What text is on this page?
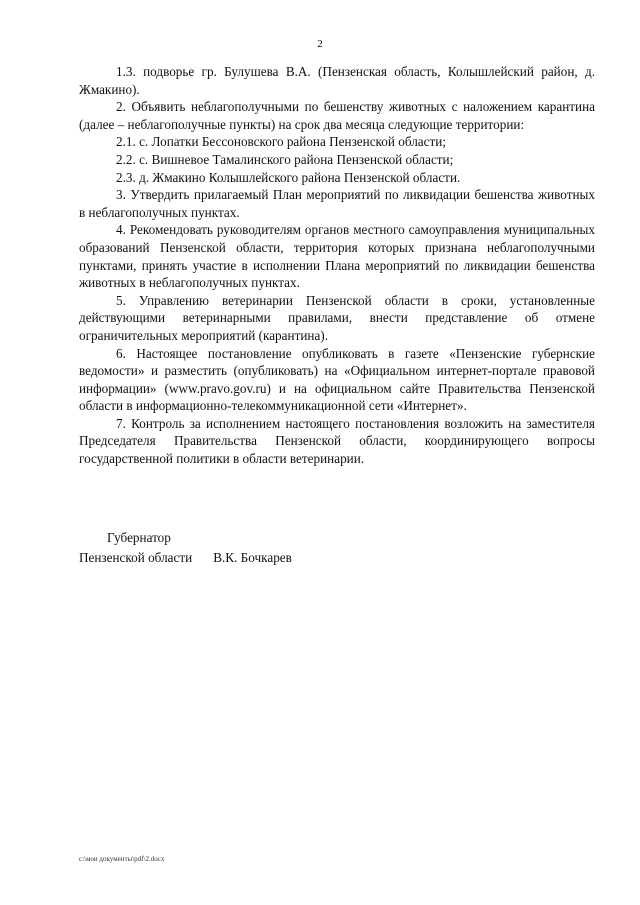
2

1.3. подворье гр. Булушева В.А. (Пензенская область, Колышлейский район, д. Жмакино).

2. Объявить неблагополучными по бешенству животных с наложением карантина (далее – неблагополучные пункты) на срок два месяца следующие территории:

2.1. с. Лопатки Бессоновского района Пензенской области;

2.2. с. Вишневое Тамалинского района Пензенской области;

2.3. д. Жмакино Колышлейского района Пензенской области.

3. Утвердить прилагаемый План мероприятий по ликвидации бешенства животных в неблагополучных пунктах.

4. Рекомендовать руководителям органов местного самоуправления муниципальных образований Пензенской области, территория которых признана неблагополучными пунктами, принять участие в исполнении Плана мероприятий по ликвидации бешенства животных в неблагополучных пунктах.

5. Управлению ветеринарии Пензенской области в сроки, установленные действующими ветеринарными правилами, внести представление об отмене ограничительных мероприятий (карантина).

6. Настоящее постановление опубликовать в газете «Пензенские губернские ведомости» и разместить (опубликовать) на «Официальном интернет-портале правовой информации» (www.pravo.gov.ru) и на официальном сайте Правительства Пензенской области в информационно-телекоммуникационной сети «Интернет».

7. Контроль за исполнением настоящего постановления возложить на заместителя Председателя Правительства Пензенской области, координирующего вопросы государственной политики в области ветеринарии.

Губернатор
Пензенской области В.К. Бочкарев
c:\мои документы\pdf\2.docx
